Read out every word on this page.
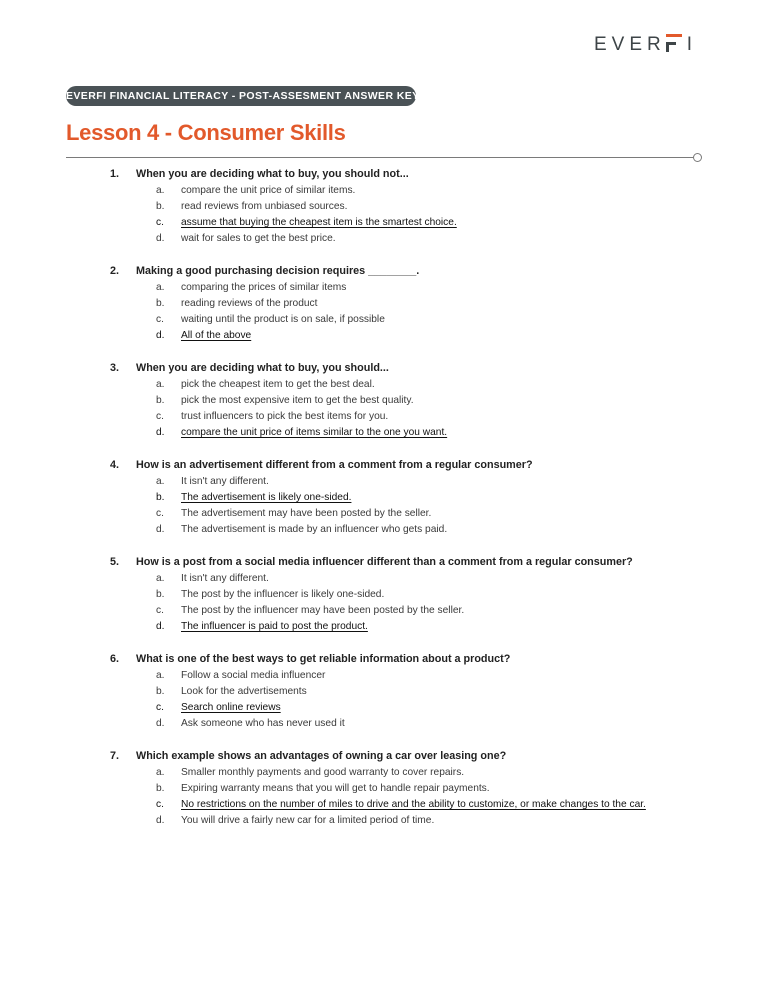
EVER I
EVERFI FINANCIAL LITERACY - POST-ASSESMENT ANSWER KEY
Lesson 4 - Consumer Skills
1.	When you are deciding what to buy, you should not...
a.	compare the unit price of similar items.
b.	read reviews from unbiased sources.
c.	assume that buying the cheapest item is the smartest choice.
d.	wait for sales to get the best price.
2.	Making a good purchasing decision requires ________.
a.	comparing the prices of similar items
b.	reading reviews of the product
c.	waiting until the product is on sale, if possible
d.	All of the above
3.	When you are deciding what to buy, you should...
a.	pick the cheapest item to get the best deal.
b.	pick the most expensive item to get the best quality.
c.	trust influencers to pick the best items for you.
d.	compare the unit price of items similar to the one you want.
4.	How is an advertisement different from a comment from a regular consumer?
a.	It isn't any different.
b.	The advertisement is likely one-sided.
c.	The advertisement may have been posted by the seller.
d.	The advertisement is made by an influencer who gets paid.
5.	How is a post from a social media influencer different than a comment from a regular consumer?
a.	It isn't any different.
b.	The post by the influencer is likely one-sided.
c.	The post by the influencer may have been posted by the seller.
d.	The influencer is paid to post the product.
6.	What is one of the best ways to get reliable information about a product?
a.	Follow a social media influencer
b.	Look for the advertisements
c.	Search online reviews
d.	Ask someone who has never used it
7.	Which example shows an advantages of owning a car over leasing one?
a.	Smaller monthly payments and good warranty to cover repairs.
b.	Expiring warranty means that you will get to handle repair payments.
c.	No restrictions on the number of miles to drive and the ability to customize, or make changes to the car.
d.	You will drive a fairly new car for a limited period of time.
